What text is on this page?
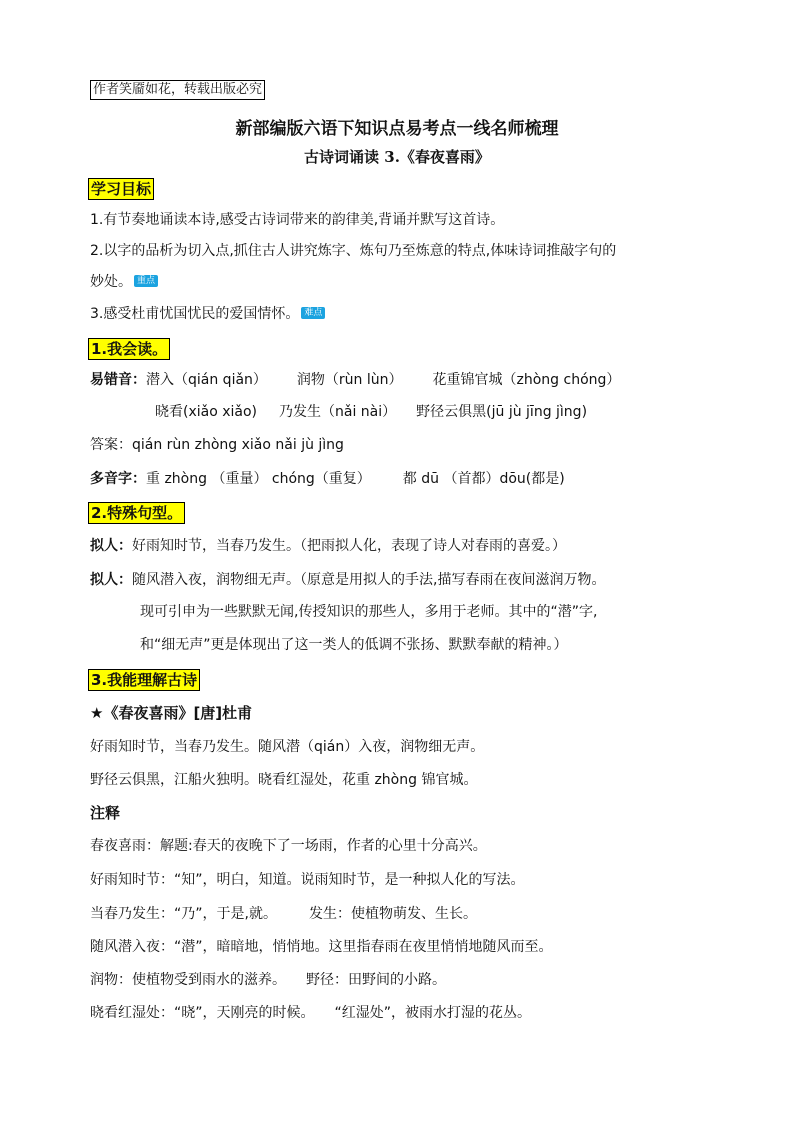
作者笑靥如花，转载出版必究
新部编版六语下知识点易考点一线名师梳理
古诗词诵读 3.《春夜喜雨》
学习目标
1.有节奏地诵读本诗,感受古诗词带来的韵律美,背诵并默写这首诗。
2.以字的品析为切入点,抓住古人讲究炼字、炼句乃至炼意的特点,体味诗词推敲字句的
妙处。 重点
3.感受杜甫忧国忧民的爱国情怀。 难点
1.我会读。
易错音：潜入（qián qiǎn） 润物（rùn lùn） 花重锦官城（zhòng chóng）
晓看(xiǎo xiǎo) 乃发生（nǎi nài） 野径云俱黑(jū jù jīng jìng)
答案：qián rùn zhòng xiǎo nǎi jù jìng
多音字：重 zhòng （重量） chóng（重复） 都 dū （首都）dōu(都是)
2.特殊句型。
拟人：好雨知时节，当春乃发生。（把雨拟人化，表现了诗人对春雨的喜爱。）
拟人：随风潜入夜，润物细无声。（原意是用拟人的手法,描写春雨在夜间滋润万物。
现可引申为一些默默无闻,传授知识的那些人，多用于老师。其中的“潜”字,
和“细无声”更是体现出了这一类人的低调不张扬、默默奉献的精神。）
3.我能理解古诗
★《春夜喜雨》[唐]杜甫
好雨知时节，当春乃发生。随风潜（qián）入夜，润物细无声。
野径云俱黑，江船火独明。晓看红湿处，花重 zhòng 锦官城。
注释
春夜喜雨：解题:春天的夜晚下了一场雨，作者的心里十分高兴。
好雨知时节：“知”，明白，知道。说雨知时节，是一种拟人化的写法。
当春乃发生：“乃”，于是,就。 发生：使植物萌发、生长。
随风潜入夜：“潜”，暗暗地，悄悄地。这里指春雨在夜里悄悄地随风而至。
润物：使植物受到雨水的滋养。 野径：田野间的小路。
晓看红湿处：“晓”，天刚亮的时候。 “红湿处”，被雨水打湿的花丛。
